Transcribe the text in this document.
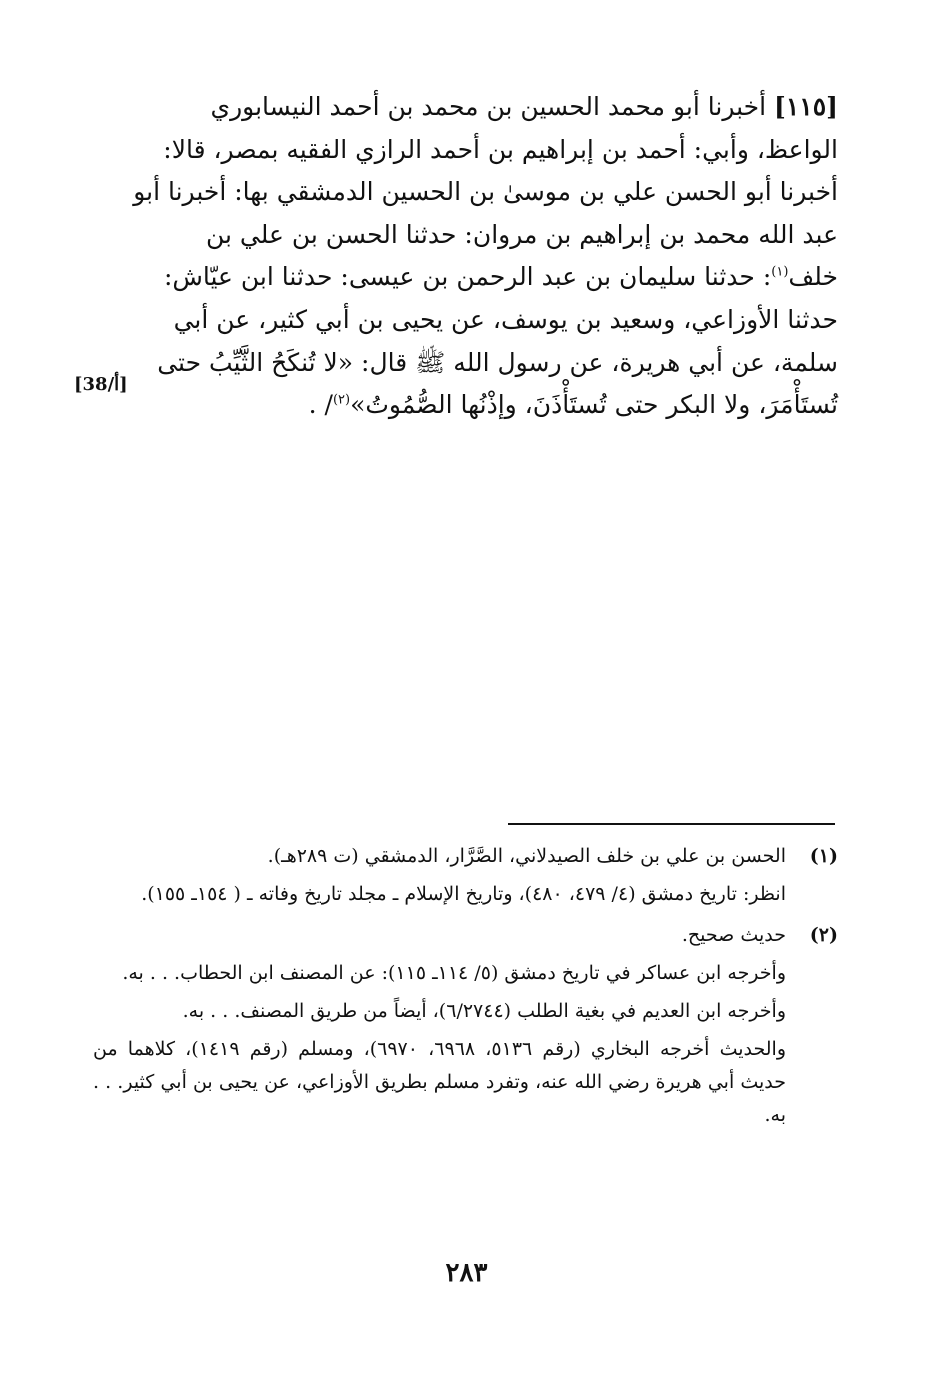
[١١٥] أخبرنا أبو محمد الحسين بن محمد بن أحمد النيسابوري

الواعظ، وأبي: أحمد بن إبراهيم بن أحمد الرازي الفقيه بمصر، قالا:

أخبرنا أبو الحسن علي بن موسىٰ بن الحسين الدمشقي بها: أخبرنا أبو

عبد الله محمد بن إبراهيم بن مروان: حدثنا الحسن بن علي بن

خلف$^{(١)}$: حدثنا سليمان بن عبد الرحمن بن عيسى: حدثنا ابن عيّاش:

حدثنا الأوزاعي، وسعيد بن يوسف، عن يحيى بن أبي كثير، عن أبي

سلمة، عن أبي هريرة، عن رسول الله ﷺ قال: «لا تُنكَحُ الثَّيِّبُ حتى

تُستَأْمَرَ، ولا البكر حتى تُستَأْذَنَ، وإذْنُها الصُّمُوتُ»$^{(٢)}$/ .

[38/أ]
(١)

الحسن بن علي بن خلف الصيدلاني، الصَّرَّار، الدمشقي (ت ٢٨٩هـ).

انظر: تاريخ دمشق (٤/ ٤٧٩، ٤٨٠)، وتاريخ الإسلام ـ مجلد تاريخ وفاته ـ ( ١٥٤ـ ١٥٥).

(٢)

حديث صحيح.

وأخرجه ابن عساكر في تاريخ دمشق (٥/ ١١٤ـ ١١٥): عن المصنف ابن الحطاب. . . به.

وأخرجه ابن العديم في بغية الطلب (٦/٢٧٤٤)، أيضاً من طريق المصنف. . . به.

والحديث أخرجه البخاري (رقم ٥١٣٦، ٦٩٦٨، ٦٩٧٠)، ومسلم (رقم ١٤١٩)، كلاهما من حديث أبي هريرة رضي الله عنه، وتفرد مسلم بطريق الأوزاعي، عن يحيى بن أبي كثير. . . به.

٢٨٣
